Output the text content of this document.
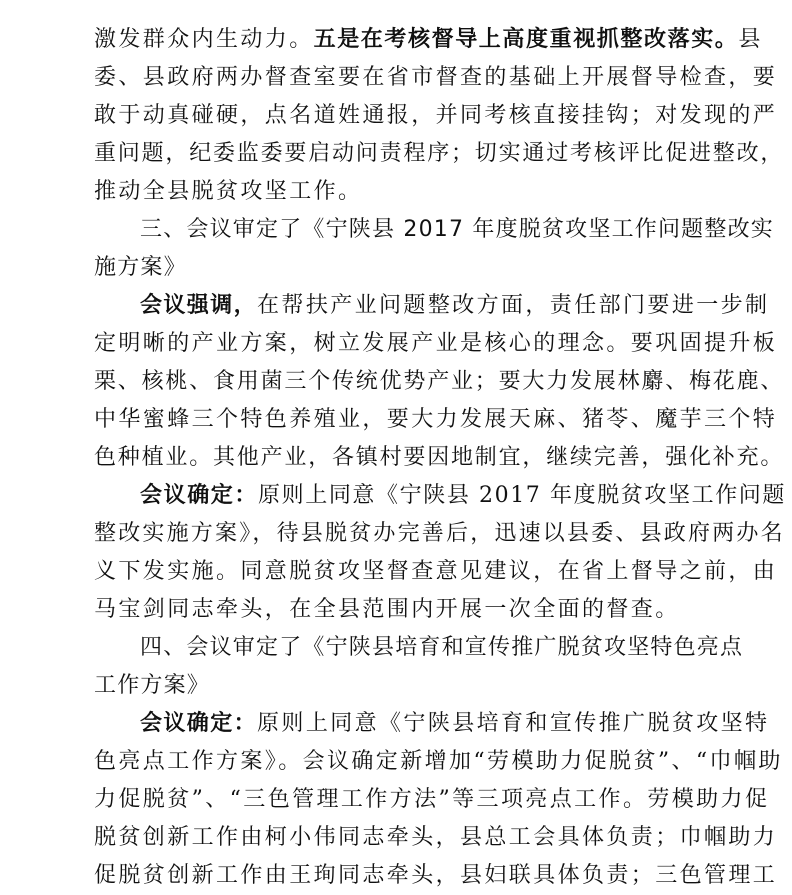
激发群众内生动力。五是在考核督导上高度重视抓整改落实。县
委、县政府两办督查室要在省市督查的基础上开展督导检查，要
敢于动真碰硬，点名道姓通报，并同考核直接挂钩；对发现的严
重问题，纪委监委要启动问责程序；切实通过考核评比促进整改，
推动全县脱贫攻坚工作。
三、会议审定了《宁陕县 2017 年度脱贫攻坚工作问题整改实
施方案》
会议强调，在帮扶产业问题整改方面，责任部门要进一步制
定明晰的产业方案，树立发展产业是核心的理念。要巩固提升板
栗、核桃、食用菌三个传统优势产业；要大力发展林麝、梅花鹿、
中华蜜蜂三个特色养殖业，要大力发展天麻、猪苓、魔芋三个特
色种植业。其他产业，各镇村要因地制宜，继续完善，强化补充。
会议确定：原则上同意《宁陕县 2017 年度脱贫攻坚工作问题
整改实施方案》，待县脱贫办完善后，迅速以县委、县政府两办名
义下发实施。同意脱贫攻坚督查意见建议，在省上督导之前，由
马宝剑同志牵头，在全县范围内开展一次全面的督查。
四、会议审定了《宁陕县培育和宣传推广脱贫攻坚特色亮点
工作方案》
会议确定：原则上同意《宁陕县培育和宣传推广脱贫攻坚特
色亮点工作方案》。会议确定新增加“劳模助力促脱贫”、“巾帼助
力促脱贫”、“三色管理工作方法”等三项亮点工作。劳模助力促
脱贫创新工作由柯小伟同志牵头，县总工会具体负责；巾帼助力
促脱贫创新工作由王珣同志牵头，县妇联具体负责；三色管理工
